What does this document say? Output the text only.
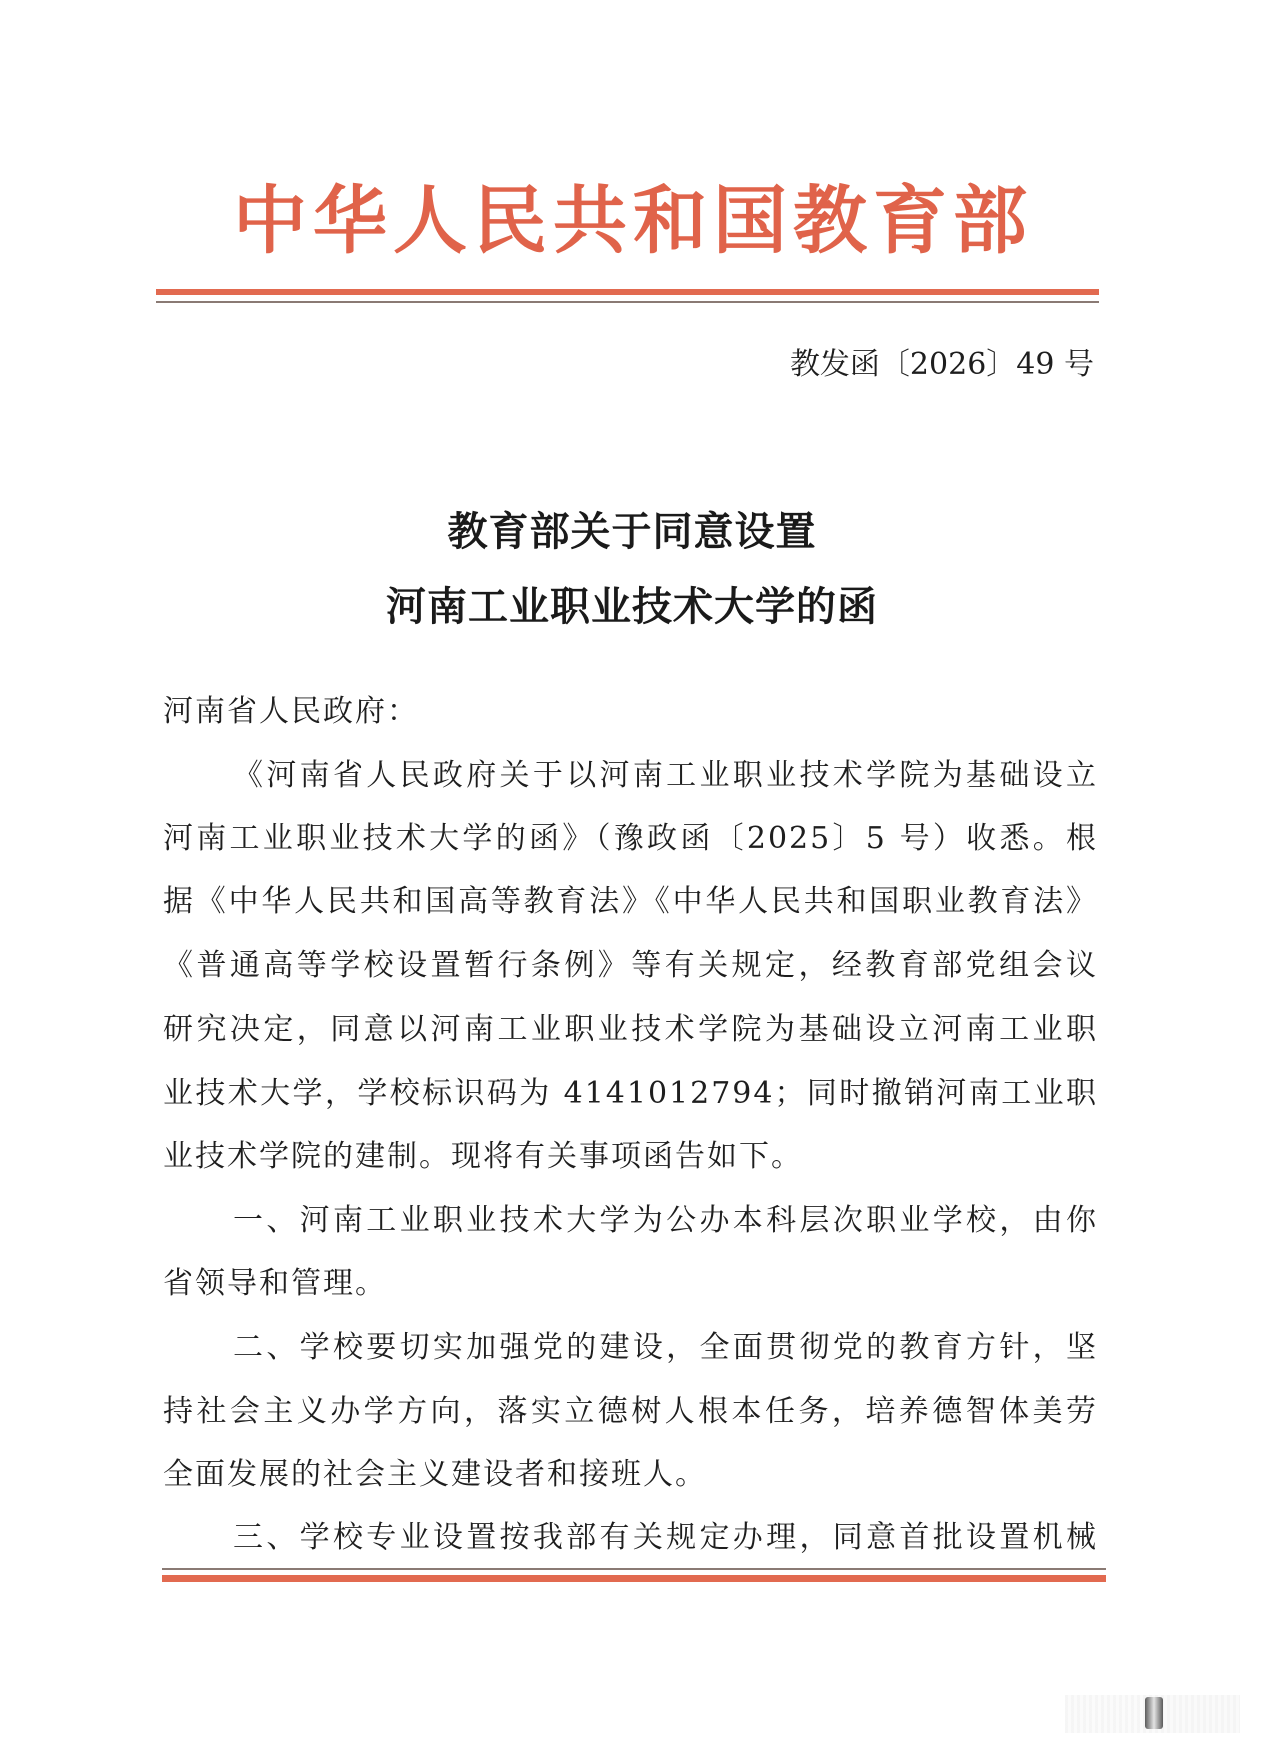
中 华 人 民 共 和 国 教 育 部
教发函〔2026〕49 号
教育部关于同意设置
河南工业职业技术大学的函
河南省人民政府：
《河南省人民政府关于以河南工业职业技术学院为基础设立
河南工业职业技术大学的函》（豫政函〔2025〕5 号）收悉。根
据《中华人民共和国高等教育法》《中华人民共和国职业教育法》
《普通高等学校设置暂行条例》等有关规定，经教育部党组会议
研究决定，同意以河南工业职业技术学院为基础设立河南工业职
业技术大学，学校标识码为 4141012794；同时撤销河南工业职
业技术学院的建制。现将有关事项函告如下。
一、河南工业职业技术大学为公办本科层次职业学校，由你
省领导和管理。
二、学校要切实加强党的建设，全面贯彻党的教育方针，坚
持社会主义办学方向，落实立德树人根本任务，培养德智体美劳
全面发展的社会主义建设者和接班人。
三、学校专业设置按我部有关规定办理，同意首批设置机械
